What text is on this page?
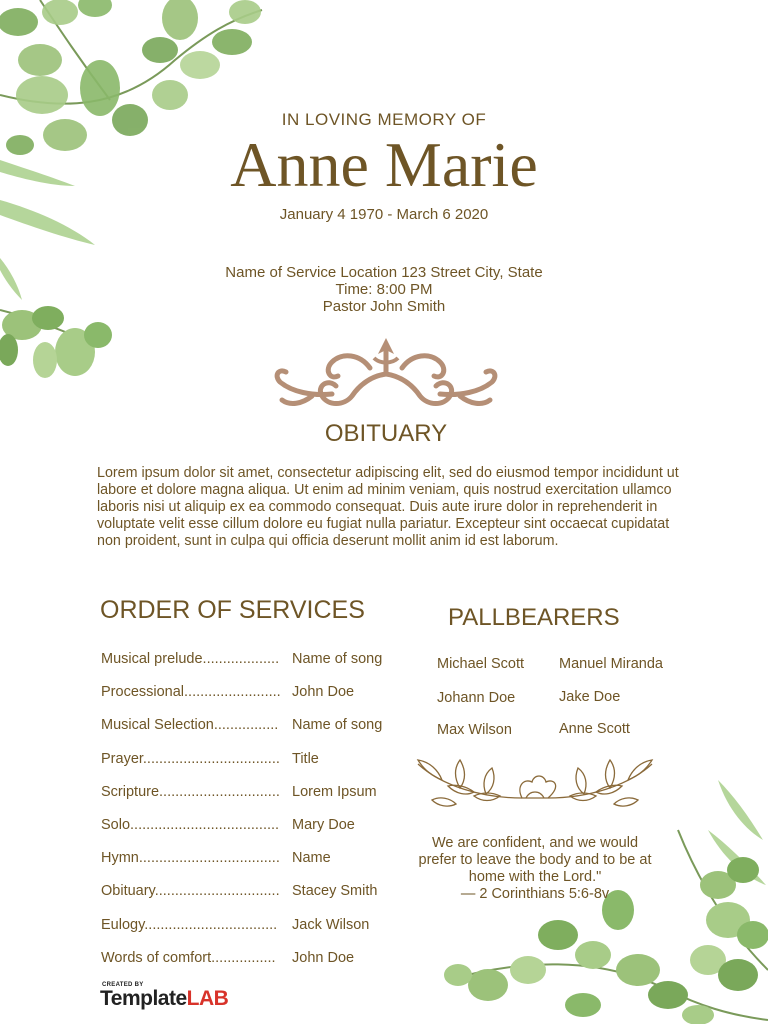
IN LOVING MEMORY OF
Anne Marie
January 4 1970 - March 6 2020
Name of Service Location 123 Street City, State
Time: 8:00 PM
Pastor John Smith
OBITUARY
Lorem ipsum dolor sit amet, consectetur adipiscing elit, sed do eiusmod tempor incididunt ut labore et dolore magna aliqua. Ut enim ad minim veniam, quis nostrud exercitation ullamco laboris nisi ut aliquip ex ea commodo consequat. Duis aute irure dolor in reprehenderit in voluptate velit esse cillum dolore eu fugiat nulla pariatur. Excepteur sint occaecat cupidatat non proident, sunt in culpa qui officia deserunt mollit anim id est laborum.
ORDER OF SERVICES
Musical prelude................... Name of song
Processional........................ John Doe
Musical Selection................ Name of song
Prayer.................................. Title
Scripture.............................. Lorem Ipsum
Solo..................................... Mary Doe
Hymn................................... Name
Obituary............................... Stacey Smith
Eulogy................................. Jack Wilson
Words of comfort................ John Doe
PALLBEARERS
Michael Scott Manuel Miranda
Johann Doe	Jake Doe
Max Wilson	Anne Scott
We are confident, and we would
prefer to leave the body and to be at
home with the Lord."
— 2 Corinthians 5:6-8v
CREATED BY
TemplateLAB
